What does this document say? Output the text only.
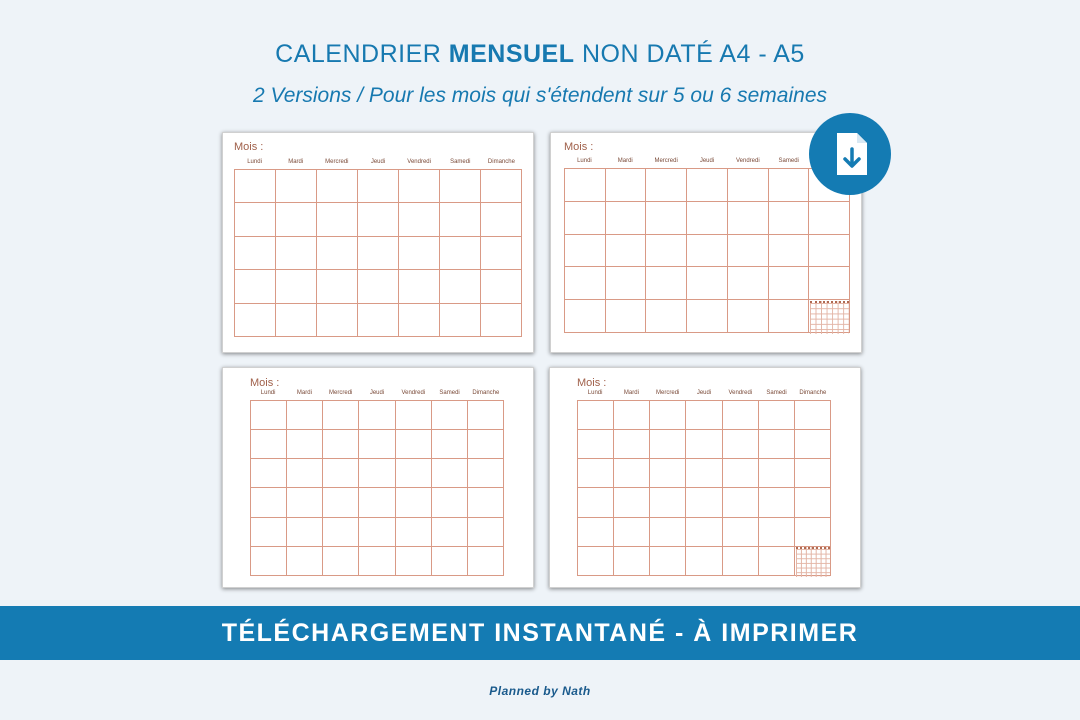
CALENDRIER MENSUEL NON DATÉ A4 - A5
2 Versions / Pour les mois qui s'étendent sur 5 ou 6 semaines
Mois :
Lundi	Mardi	Mercredi	Jeudi	Vendredi	Samedi	Dimanche
Mois :
Lundi	Mardi	Mercredi	Jeudi	Vendredi	Samedi
Mois :
Lundi	Mardi	Mercredi	Jeudi	Vendredi	Samedi	Dimanche
Mois :
Lundi	Mardi	Mercredi	Jeudi	Vendredi	Samedi	Dimanche
TÉLÉCHARGEMENT INSTANTANÉ - À IMPRIMER
Planned by Nath
